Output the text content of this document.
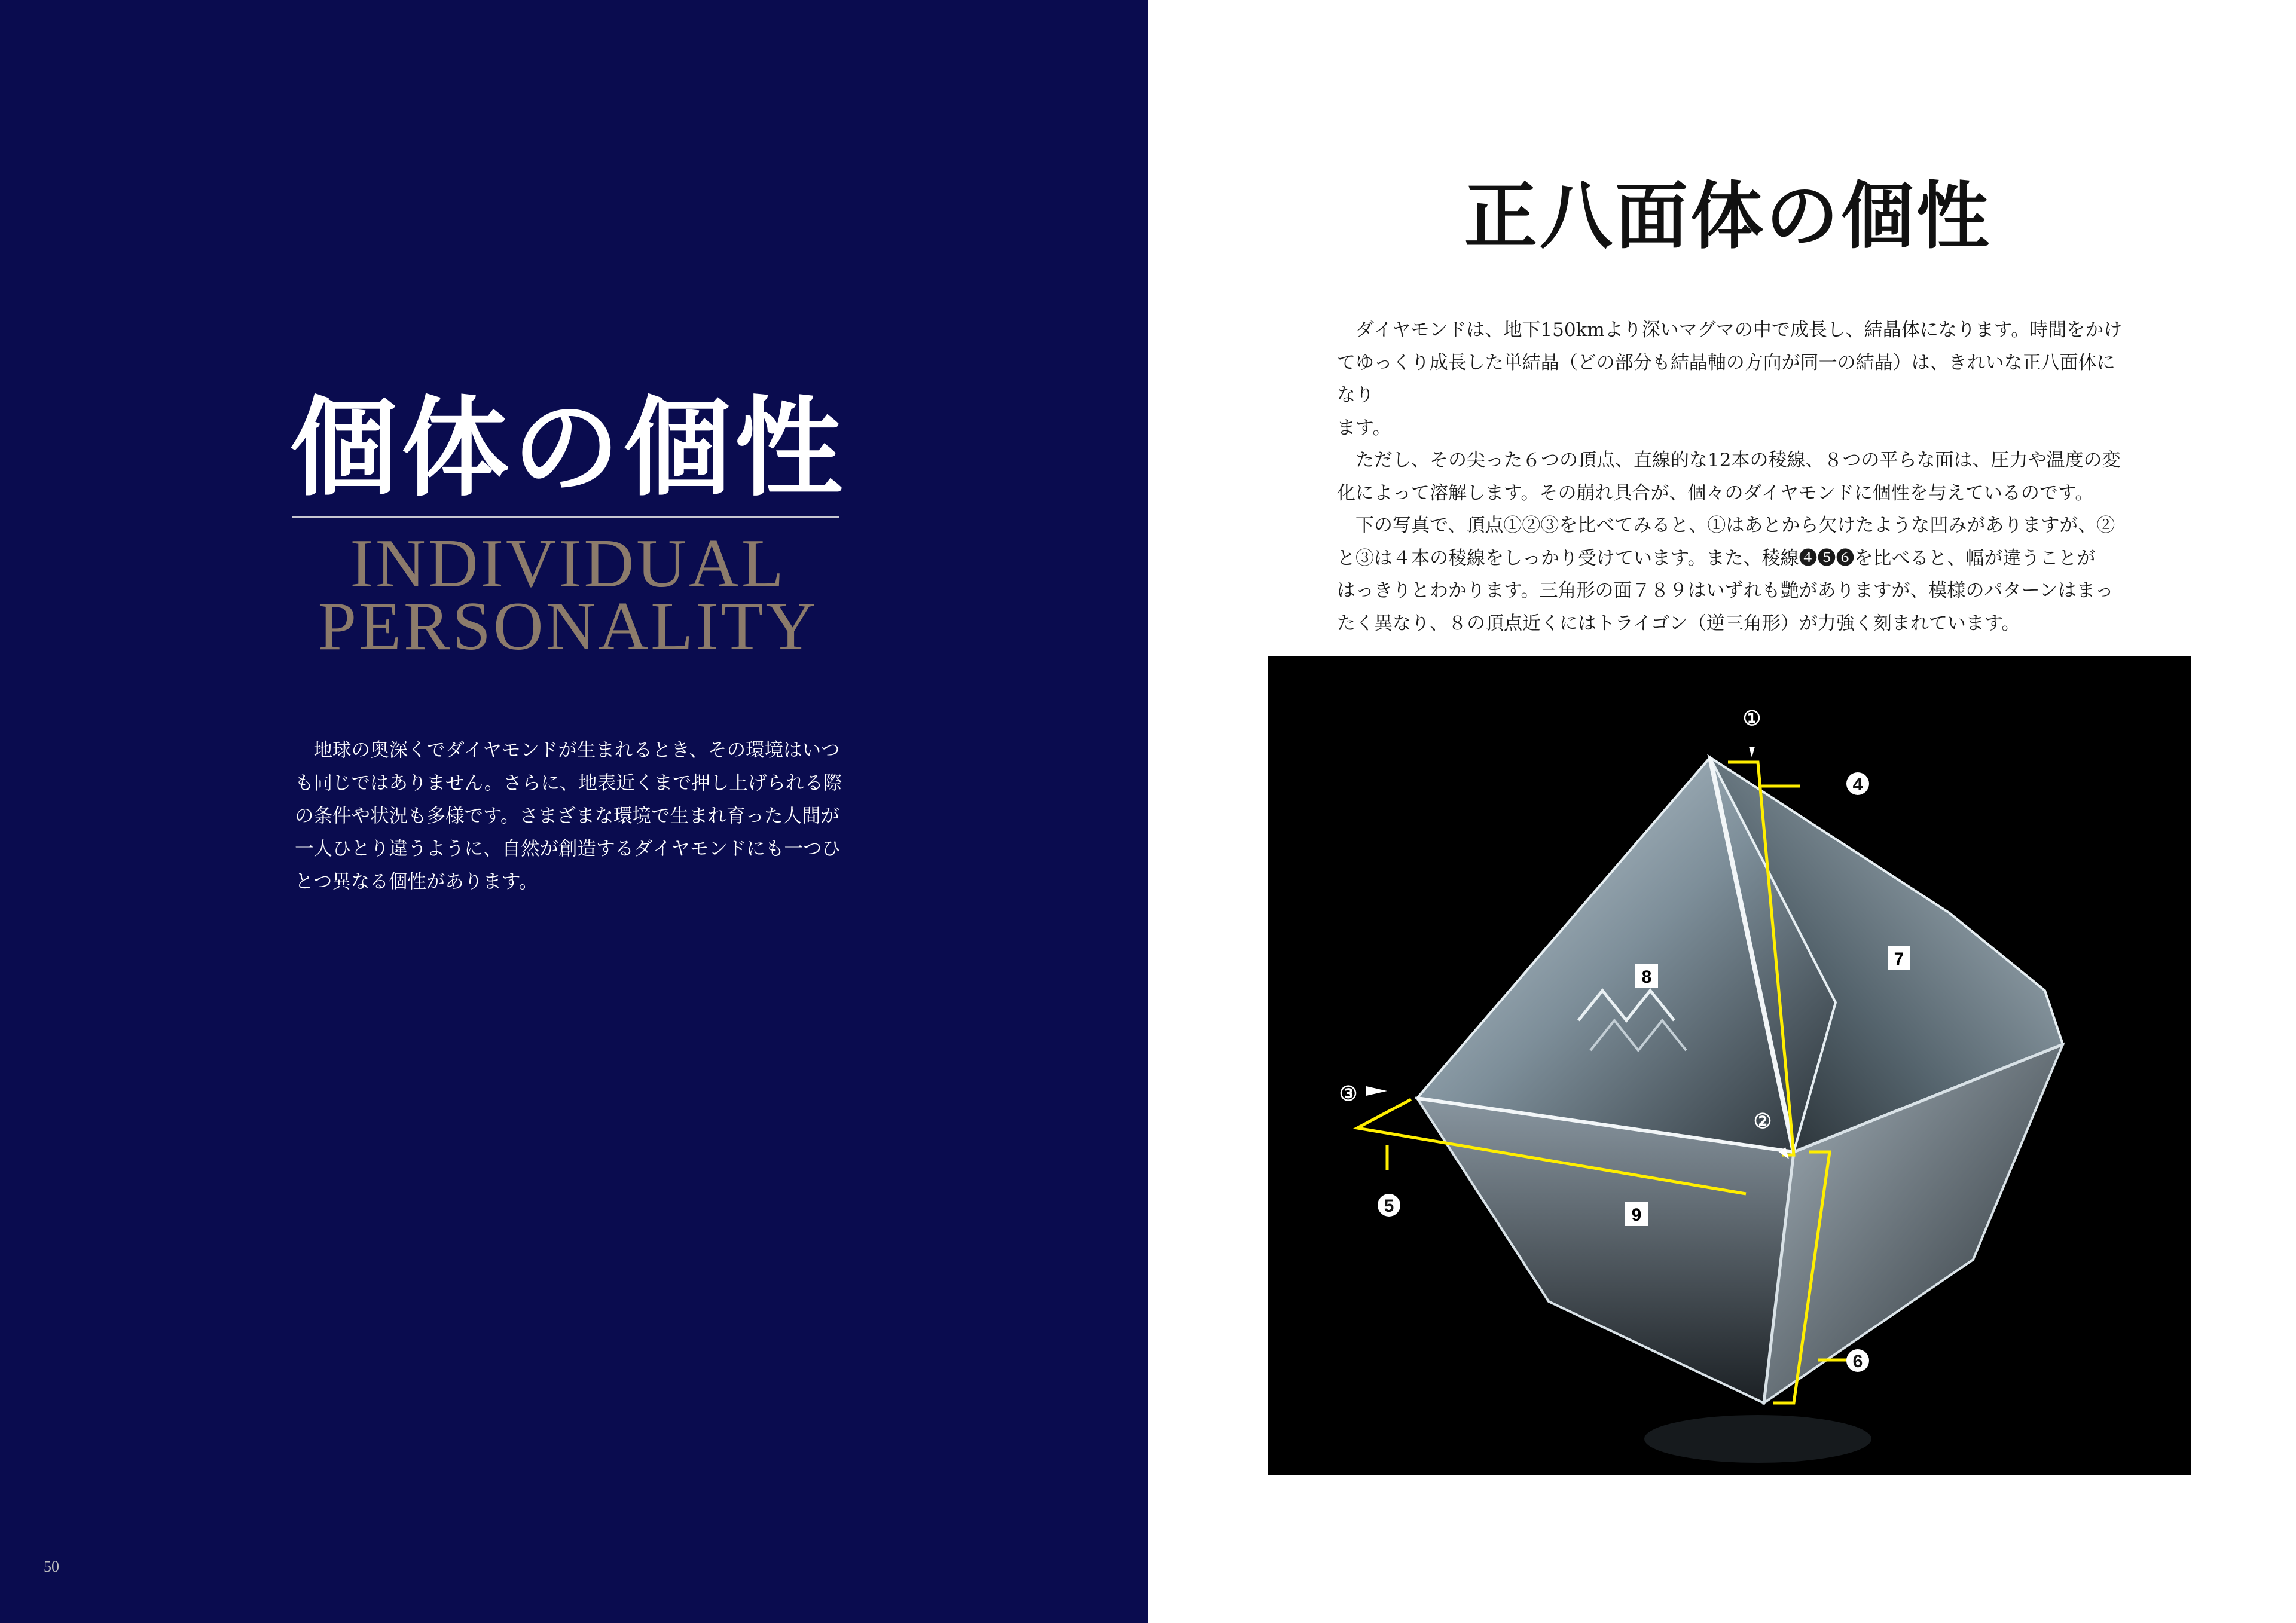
個体の個性
INDIVIDUAL
PERSONALITY
地球の奥深くでダイヤモンドが生まれるとき、その環境はいつ
も同じではありません。さらに、地表近くまで押し上げられる際
の条件や状況も多様です。さまざまな環境で生まれ育った人間が
一人ひとり違うように、自然が創造するダイヤモンドにも一つひ
とつ異なる個性があります。
50
正八面体の個性
ダイヤモンドは、地下150kmより深いマグマの中で成長し、結晶体になります。時間をかけ
てゆっくり成長した単結晶（どの部分も結晶軸の方向が同一の結晶）は、きれいな正八面体になり
ます。
ただし、その尖った６つの頂点、直線的な12本の稜線、８つの平らな面は、圧力や温度の変
化によって溶解します。その崩れ具合が、個々のダイヤモンドに個性を与えているのです。
下の写真で、頂点①②③を比べてみると、①はあとから欠けたような凹みがありますが、②
と③は４本の稜線をしっかり受けています。また、稜線❹❺❻を比べると、幅が違うことが
はっきりとわかります。三角形の面７８９はいずれも艶がありますが、模様のパターンはまっ
たく異なり、８の頂点近くにはトライゴン（逆三角形）が力強く刻まれています。
①
③
②
4
5
6
7
8
9
